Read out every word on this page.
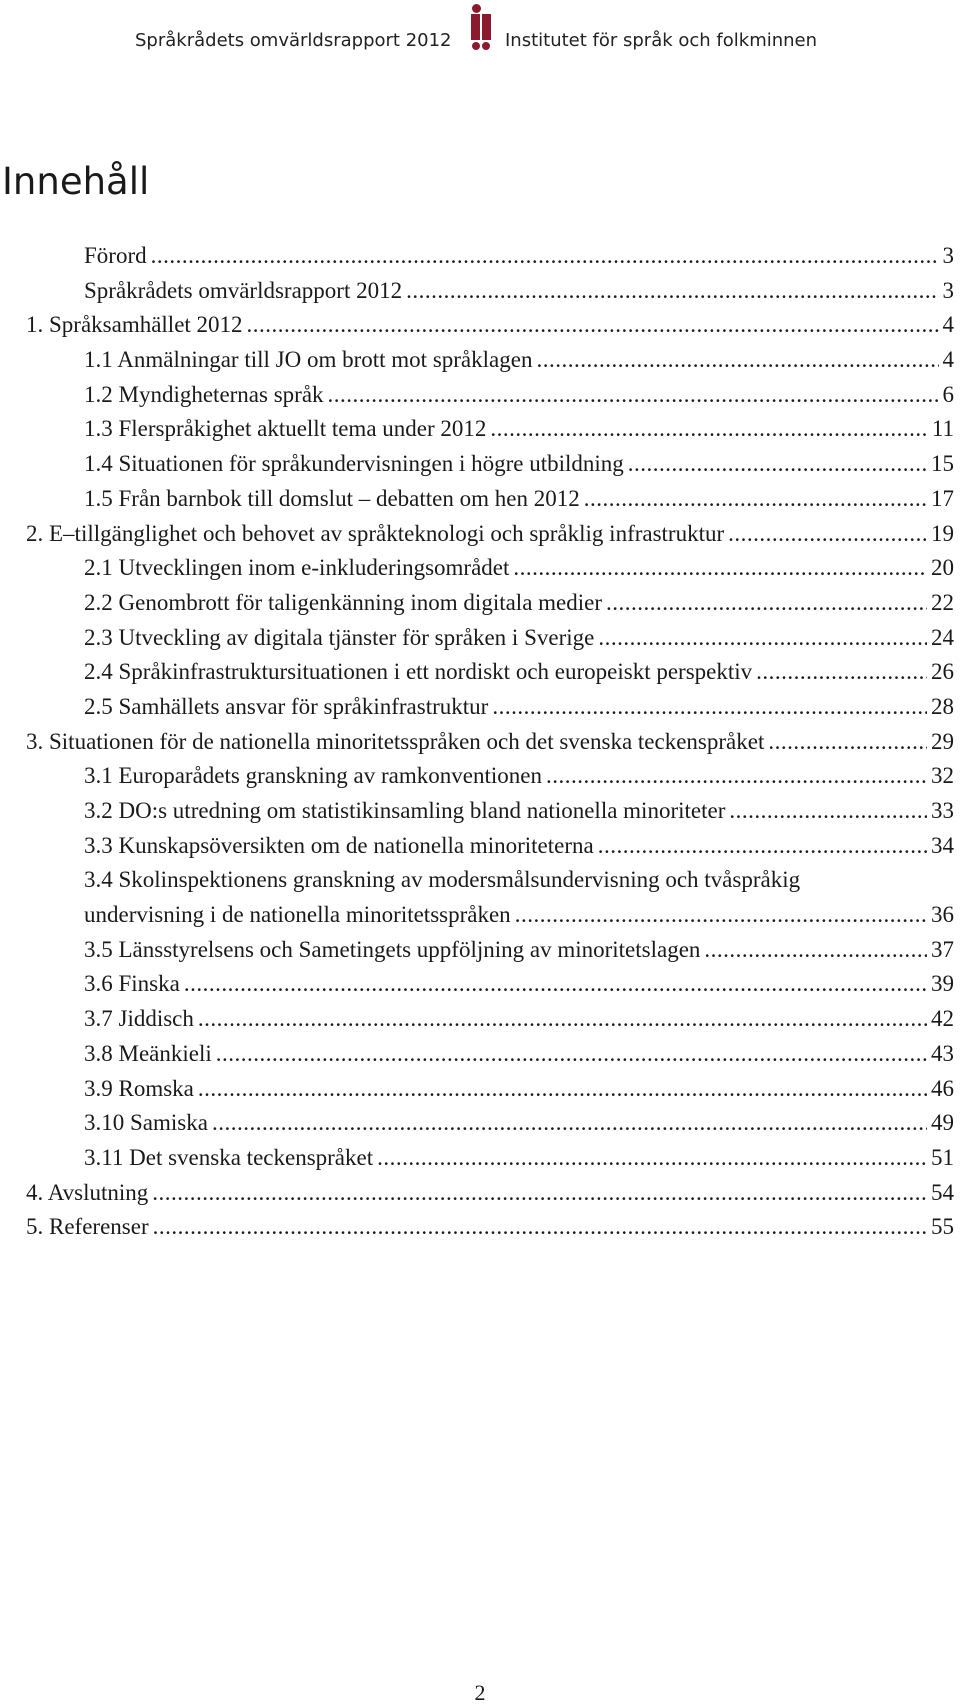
Språkrådets omvärldsrapport 2012	Institutet för språk och folkminnen
Innehåll
Förord .....	3
Språkrådets omvärldsrapport 2012 .....	3
1. Språksamhället 2012 .....	4
1.1 Anmälningar till JO om brott mot språklagen .....	4
1.2 Myndigheternas språk .....	6
1.3 Flerspråkighet aktuellt tema under 2012 .....	11
1.4 Situationen för språkundervisningen i högre utbildning .....	15
1.5 Från barnbok till domslut – debatten om hen 2012 .....	17
2. E–tillgänglighet och behovet av språkteknologi och språklig infrastruktur .....	19
2.1 Utvecklingen inom e-inkluderingsområdet .....	20
2.2 Genombrott för taligenkänning inom digitala medier .....	22
2.3 Utveckling av digitala tjänster för språken i Sverige .....	24
2.4 Språkinfrastruktursituationen i ett nordiskt och europeiskt perspektiv .....	26
2.5 Samhällets ansvar för språkinfrastruktur .....	28
3. Situationen för de nationella minoritetsspråken och det svenska teckenspråket .....	29
3.1 Europarådets granskning av ramkonventionen .....	32
3.2 DO:s utredning om statistikinsamling bland nationella minoriteter .....	33
3.3 Kunskapsöversikten om de nationella minoriteterna .....	34
3.4 Skolinspektionens granskning av modersmålsundervisning och tvåspråkig
undervisning i de nationella minoritetsspråken .....	36
3.5 Länsstyrelsens och Sametingets uppföljning av minoritetslagen .....	37
3.6 Finska .....	39
3.7 Jiddisch .....	42
3.8 Meänkieli .....	43
3.9 Romska .....	46
3.10 Samiska .....	49
3.11 Det svenska teckenspråket .....	51
4. Avslutning .....	54
5. Referenser .....	55
2
